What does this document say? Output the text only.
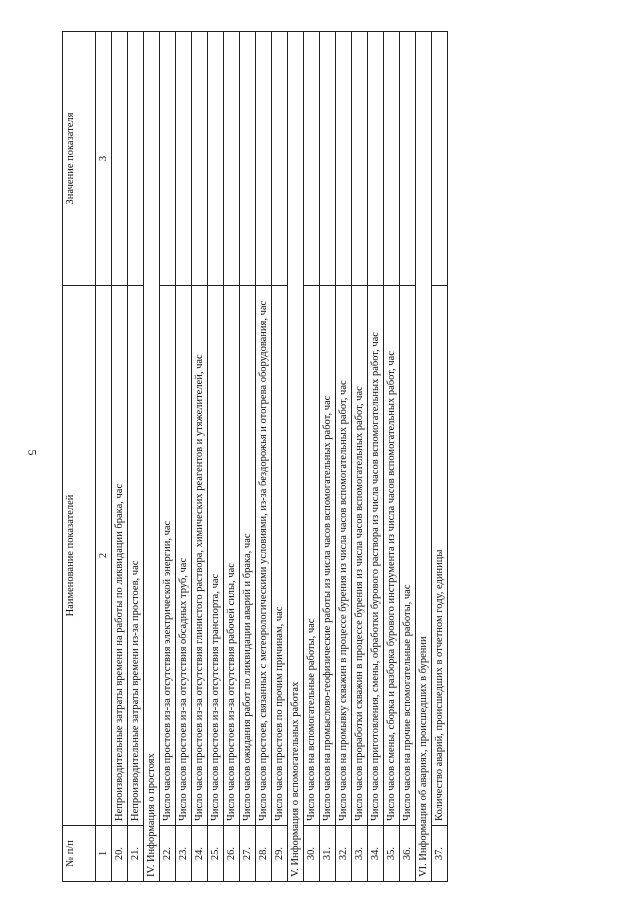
5
№ п/п	Наименование показателей	Значение показателя
1	2	3
20.	Непроизводительные затраты времени на работы по ликвидации брака, час	
21.	Непроизводительные затраты времени из-за простоев, час	
IV. Информация о простоях		
22.	Число часов простоев из-за отсутствия электрической энергии, час	
23.	Число часов простоев из-за отсутствия обсадных труб, час	
24.	Число часов простоев из-за отсутствия глинистого раствора, химических реагентов и утяжелителей, час	
25.	Число часов простоев из-за отсутствия транспорта, час	
26.	Число часов простоев из-за отсутствия рабочей силы, час	
27.	Число часов ожидания работ по ликвидации аварий и брака, час	
28.	Число часов простоев, связанных с метеорологическими условиями, из-за бездорожья и отогрева оборудования, час	
29.	Число часов простоев по прочим причинам, час	
V. Информация о вспомогательных работах		
30.	Число часов на вспомогательные работы, час	
31.	Число часов на промыслово-геофизические работы из числа часов вспомогательных работ, час	
32.	Число часов на промывку скважин в процессе бурения из числа часов вспомогательных работ, час	
33.	Число часов проработки скважин в процессе бурения из числа часов вспомогательных работ, час	
34.	Число часов приготовления, смены, обработки бурового раствора из числа часов вспомогательных работ, час	
35.	Число часов смены, сборка и разборка бурового инструмента из числа часов вспомогательных работ, час	
36.	Число часов на прочие вспомогательные работы, час	
VI. Информация об авариях, происшедших в бурении		
37.	Количество аварий, происшедших в отчетном году, единицы	
